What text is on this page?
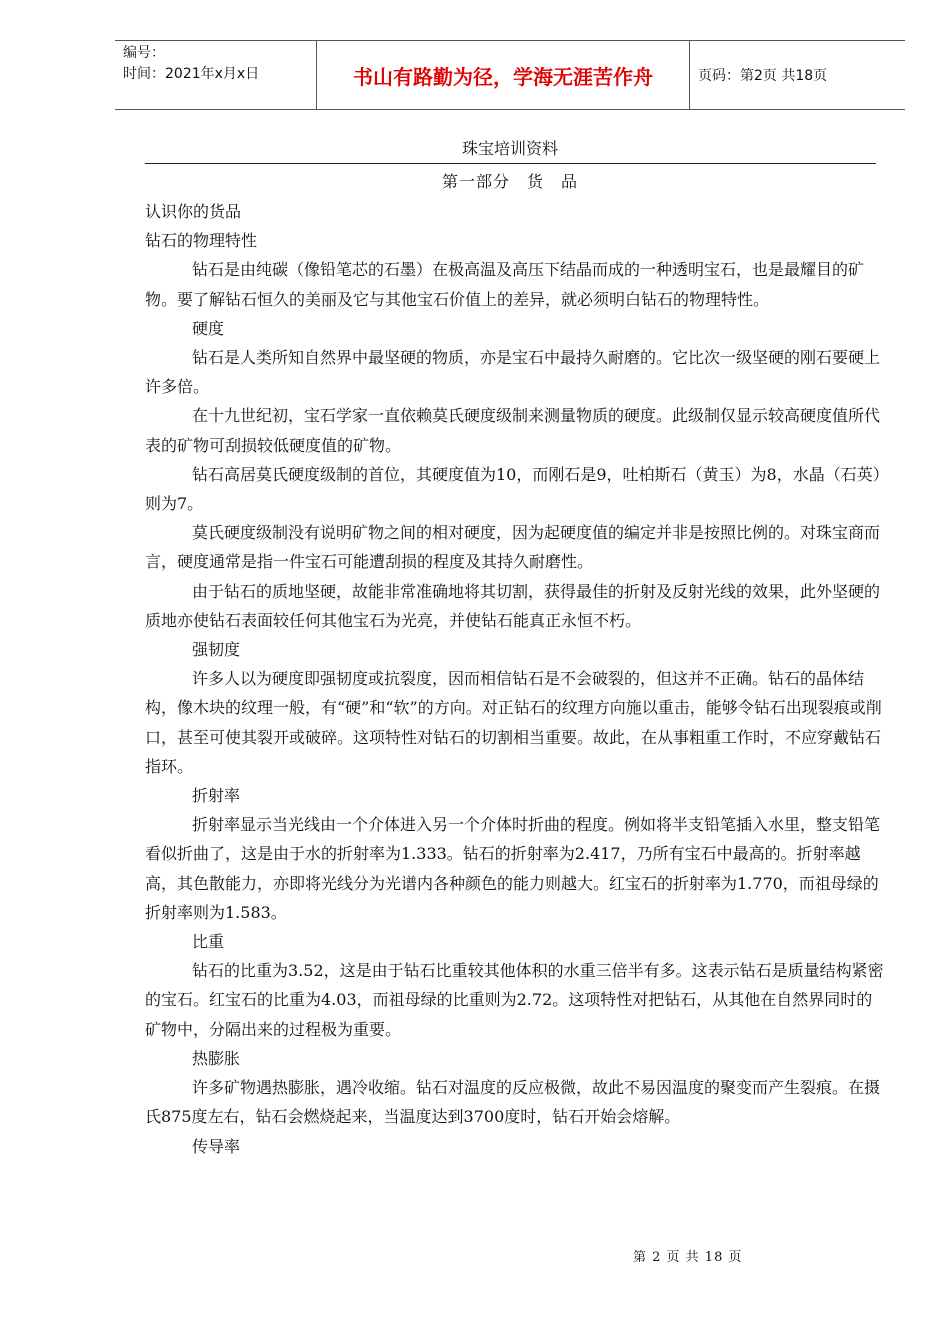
编号：
时间：2021年x月x日	书山有路勤为径，学海无涯苦作舟	页码：第2页 共18页
珠宝培训资料
第一部分　货　品

认识你的货品

钻石的物理特性

钻石是由纯碳（像铅笔芯的石墨）在极高温及高压下结晶而成的一种透明宝石，也是最耀目的矿物。要了解钻石恒久的美丽及它与其他宝石价值上的差异，就必须明白钻石的物理特性。

硬度

钻石是人类所知自然界中最坚硬的物质，亦是宝石中最持久耐磨的。它比次一级坚硬的刚石要硬上许多倍。

在十九世纪初，宝石学家一直依赖莫氏硬度级制来测量物质的硬度。此级制仅显示较高硬度值所代表的矿物可刮损较低硬度值的矿物。

钻石高居莫氏硬度级制的首位，其硬度值为10，而刚石是9，吐柏斯石（黄玉）为8，水晶（石英）则为7。

莫氏硬度级制没有说明矿物之间的相对硬度，因为起硬度值的编定并非是按照比例的。对珠宝商而言，硬度通常是指一件宝石可能遭刮损的程度及其持久耐磨性。

由于钻石的质地坚硬，故能非常准确地将其切割，获得最佳的折射及反射光线的效果，此外坚硬的质地亦使钻石表面较任何其他宝石为光亮，并使钻石能真正永恒不朽。

强韧度

许多人以为硬度即强韧度或抗裂度，因而相信钻石是不会破裂的，但这并不正确。钻石的晶体结构，像木块的纹理一般，有“硬”和“软”的方向。对正钻石的纹理方向施以重击，能够令钻石出现裂痕或削口，甚至可使其裂开或破碎。这项特性对钻石的切割相当重要。故此，在从事粗重工作时，不应穿戴钻石指环。

折射率

折射率显示当光线由一个介体进入另一个介体时折曲的程度。例如将半支铅笔插入水里，整支铅笔看似折曲了，这是由于水的折射率为1.333。钻石的折射率为2.417，乃所有宝石中最高的。折射率越高，其色散能力，亦即将光线分为光谱内各种颜色的能力则越大。红宝石的折射率为1.770，而祖母绿的折射率则为1.583。

比重

钻石的比重为3.52，这是由于钻石比重较其他体积的水重三倍半有多。这表示钻石是质量结构紧密的宝石。红宝石的比重为4.03，而祖母绿的比重则为2.72。这项特性对把钻石，从其他在自然界同时的矿物中，分隔出来的过程极为重要。

热膨胀

许多矿物遇热膨胀，遇冷收缩。钻石对温度的反应极微，故此不易因温度的聚变而产生裂痕。在摄氏875度左右，钻石会燃烧起来，当温度达到3700度时，钻石开始会熔解。

传导率

第 2 页 共 18 页
